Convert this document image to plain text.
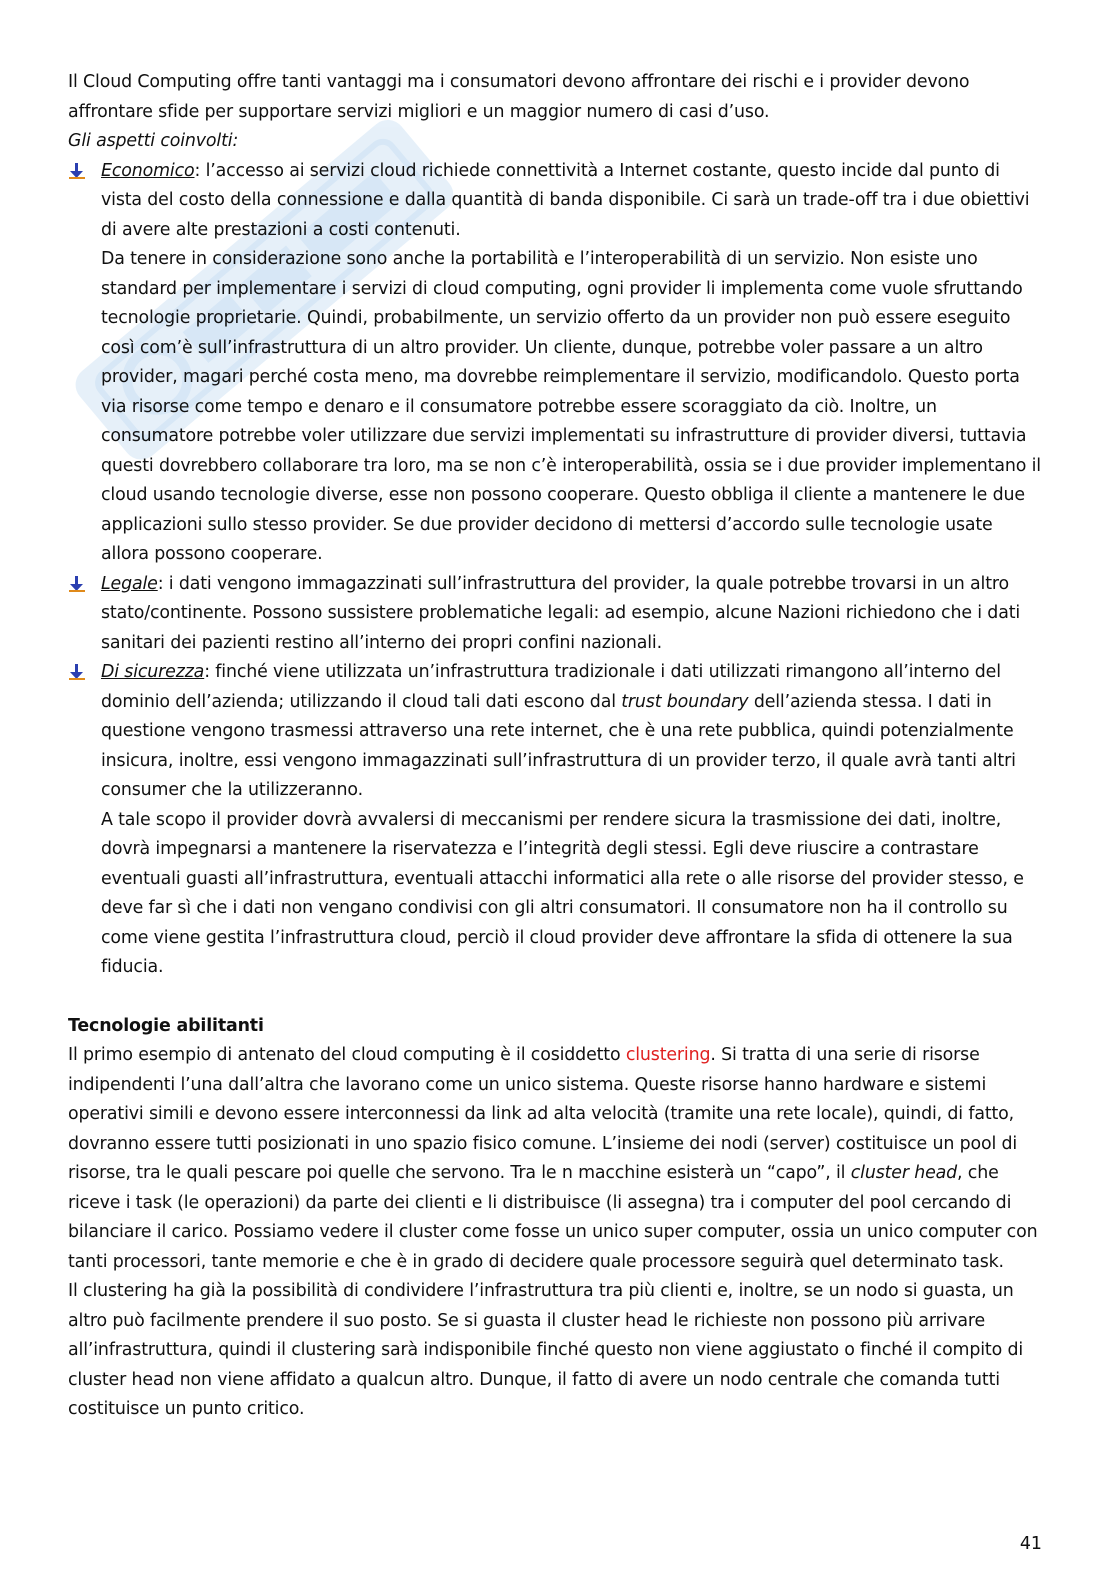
Il Cloud Computing offre tanti vantaggi ma i consumatori devono affrontare dei rischi e i provider devono affrontare sfide per supportare servizi migliori e un maggior numero di casi d’uso.

Gli aspetti coinvolti:

Economico: l’accesso ai servizi cloud richiede connettività a Internet costante, questo incide dal punto di vista del costo della connessione e dalla quantità di banda disponibile. Ci sarà un trade-off tra i due obiettivi di avere alte prestazioni a costi contenuti.

Da tenere in considerazione sono anche la portabilità e l’interoperabilità di un servizio. Non esiste uno standard per implementare i servizi di cloud computing, ogni provider li implementa come vuole sfruttando tecnologie proprietarie. Quindi, probabilmente, un servizio offerto da un provider non può essere eseguito così com’è sull’infrastruttura di un altro provider. Un cliente, dunque, potrebbe voler passare a un altro provider, magari perché costa meno, ma dovrebbe reimplementare il servizio, modificandolo. Questo porta via risorse come tempo e denaro e il consumatore potrebbe essere scoraggiato da ciò. Inoltre, un consumatore potrebbe voler utilizzare due servizi implementati su infrastrutture di provider diversi, tuttavia questi dovrebbero collaborare tra loro, ma se non c’è interoperabilità, ossia se i due provider implementano il cloud usando tecnologie diverse, esse non possono cooperare. Questo obbliga il cliente a mantenere le due applicazioni sullo stesso provider. Se due provider decidono di mettersi d’accordo sulle tecnologie usate allora possono cooperare.

Legale: i dati vengono immagazzinati sull’infrastruttura del provider, la quale potrebbe trovarsi in un altro stato/continente. Possono sussistere problematiche legali: ad esempio, alcune Nazioni richiedono che i dati sanitari dei pazienti restino all’interno dei propri confini nazionali.

Di sicurezza: finché viene utilizzata un’infrastruttura tradizionale i dati utilizzati rimangono all’interno del dominio dell’azienda; utilizzando il cloud tali dati escono dal trust boundary dell’azienda stessa. I dati in questione vengono trasmessi attraverso una rete internet, che è una rete pubblica, quindi potenzialmente insicura, inoltre, essi vengono immagazzinati sull’infrastruttura di un provider terzo, il quale avrà tanti altri consumer che la utilizzeranno.

A tale scopo il provider dovrà avvalersi di meccanismi per rendere sicura la trasmissione dei dati, inoltre, dovrà impegnarsi a mantenere la riservatezza e l’integrità degli stessi. Egli deve riuscire a contrastare eventuali guasti all’infrastruttura, eventuali attacchi informatici alla rete o alle risorse del provider stesso, e deve far sì che i dati non vengano condivisi con gli altri consumatori. Il consumatore non ha il controllo su come viene gestita l’infrastruttura cloud, perciò il cloud provider deve affrontare la sfida di ottenere la sua fiducia.

Tecnologie abilitanti

Il primo esempio di antenato del cloud computing è il cosiddetto clustering. Si tratta di una serie di risorse indipendenti l’una dall’altra che lavorano come un unico sistema. Queste risorse hanno hardware e sistemi operativi simili e devono essere interconnessi da link ad alta velocità (tramite una rete locale), quindi, di fatto, dovranno essere tutti posizionati in uno spazio fisico comune. L’insieme dei nodi (server) costituisce un pool di risorse, tra le quali pescare poi quelle che servono. Tra le n macchine esisterà un “capo”, il cluster head, che riceve i task (le operazioni) da parte dei clienti e li distribuisce (li assegna) tra i computer del pool cercando di bilanciare il carico. Possiamo vedere il cluster come fosse un unico super computer, ossia un unico computer con tanti processori, tante memorie e che è in grado di decidere quale processore seguirà quel determinato task.

Il clustering ha già la possibilità di condividere l’infrastruttura tra più clienti e, inoltre, se un nodo si guasta, un altro può facilmente prendere il suo posto. Se si guasta il cluster head le richieste non possono più arrivare all’infrastruttura, quindi il clustering sarà indisponibile finché questo non viene aggiustato o finché il compito di cluster head non viene affidato a qualcun altro. Dunque, il fatto di avere un nodo centrale che comanda tutti costituisce un punto critico.

41
